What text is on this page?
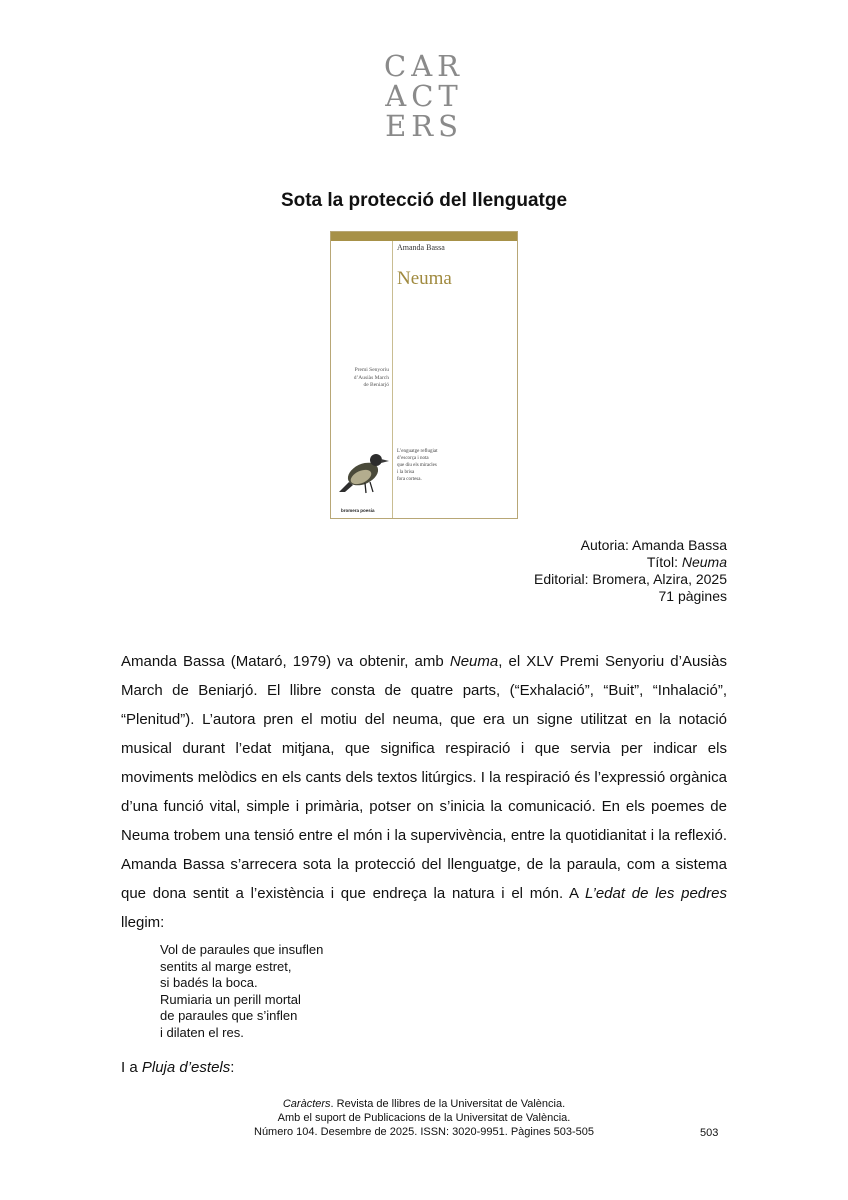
CAR
ACT
ERS
Sota la protecció del llenguatge
Amanda Bassa
Neuma
Premi Senyoriu
d’Ausiàs March
de Beniarjó
L’enguatge reflugiat
d’escorça i nota
que diu els miracles
i la brisa
fora cortesa.
bromera poesia
Autoria: Amanda Bassa
Títol: Neuma
Editorial: Bromera, Alzira, 2025
71 pàgines
Amanda Bassa (Mataró, 1979) va obtenir, amb Neuma, el XLV Premi Senyoriu d’Ausiàs March de Beniarjó. El llibre consta de quatre parts, (“Exhalació”, “Buit”, “Inhalació”, “Plenitud”). L’autora pren el motiu del neuma, que era un signe utilitzat en la notació musical durant l’edat mitjana, que significa respiració i que servia per indicar els moviments melòdics en els cants dels textos litúrgics. I la respiració és l’expressió orgànica d’una funció vital, simple i primària, potser on s’inicia la comunicació. En els poemes de Neuma trobem una tensió entre el món i la supervivència, entre la quotidianitat i la reflexió. Amanda Bassa s’arrecera sota la protecció del llenguatge, de la paraula, com a sistema que dona sentit a l’existència i que endreça la natura i el món. A L’edat de les pedres llegim:
Vol de paraules que insuflen
sentits al marge estret,
si badés la boca.
Rumiaria un perill mortal
de paraules que s’inflen
i dilaten el res.
I a Pluja d’estels:
Caràcters. Revista de llibres de la Universitat de València.
Amb el suport de Publicacions de la Universitat de València.
Número 104. Desembre de 2025. ISSN: 3020-9951. Pàgines 503-505	503
